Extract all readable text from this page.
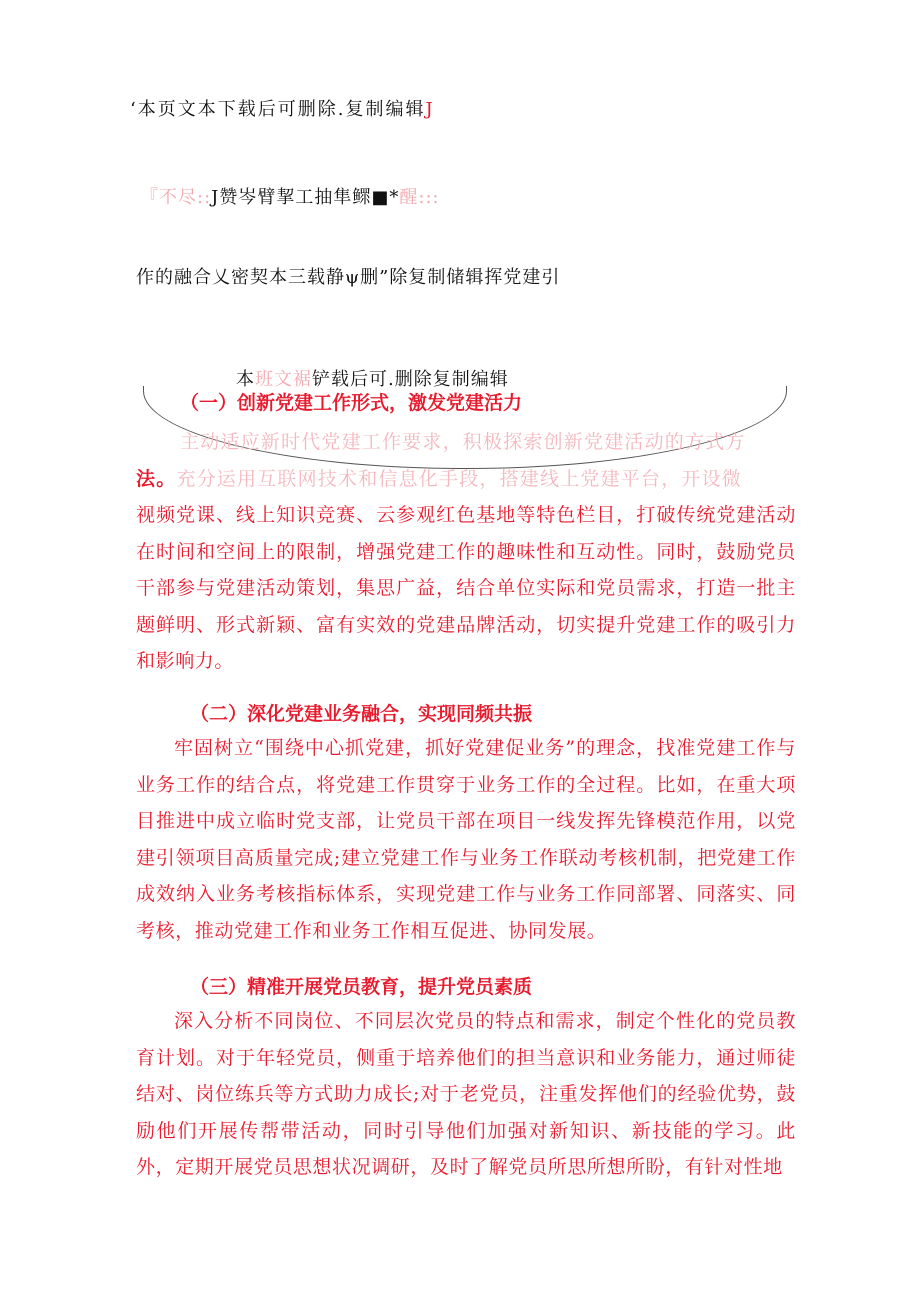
‘本页文本下载后可删除.复制编辑J
『不尽::J赞岑臂挈工抽隼鳏■*醒:::
作的融合乂密契本三载静ψ删”除复制储辑挥党建引
本班文裾铲载后可.删除复制编辑
（一）创新党建工作形式，激发党建活力
主动适应新时代党建工作要求，积极探索创新党建活动的方式方
法。充分运用互联网技术和信息化手段，搭建线上党建平台，开设微
视频党课、线上知识竞赛、云参观红色基地等特色栏目，打破传统党建活动在时间和空间上的限制，增强党建工作的趣味性和互动性。同时，鼓励党员干部参与党建活动策划，集思广益，结合单位实际和党员需求，打造一批主题鲜明、形式新颖、富有实效的党建品牌活动，切实提升党建工作的吸引力和影响力。
（二）深化党建业务融合，实现同频共振
牢固树立“围绕中心抓党建，抓好党建促业务”的理念，找准党建工作与业务工作的结合点，将党建工作贯穿于业务工作的全过程。比如，在重大项目推进中成立临时党支部，让党员干部在项目一线发挥先锋模范作用，以党建引领项目高质量完成;建立党建工作与业务工作联动考核机制，把党建工作成效纳入业务考核指标体系，实现党建工作与业务工作同部署、同落实、同考核，推动党建工作和业务工作相互促进、协同发展。
（三）精准开展党员教育，提升党员素质
深入分析不同岗位、不同层次党员的特点和需求，制定个性化的党员教育计划。对于年轻党员，侧重于培养他们的担当意识和业务能力，通过师徒结对、岗位练兵等方式助力成长;对于老党员，注重发挥他们的经验优势，鼓励他们开展传帮带活动，同时引导他们加强对新知识、新技能的学习。此外，定期开展党员思想状况调研，及时了解党员所思所想所盼，有针对性地
